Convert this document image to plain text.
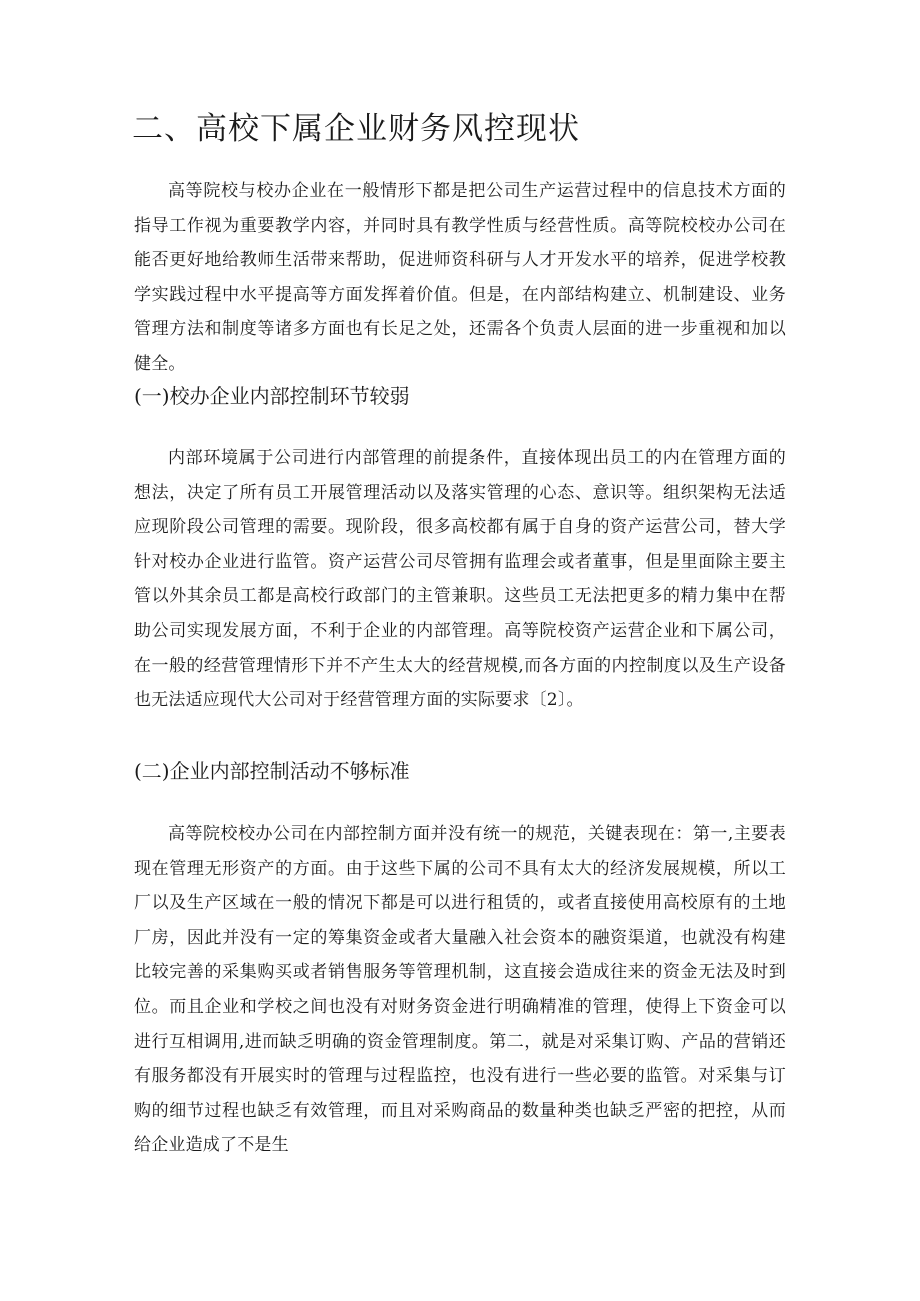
二、高校下属企业财务风控现状

高等院校与校办企业在一般情形下都是把公司生产运营过程中的信息技术方面的指导工作视为重要教学内容，并同时具有教学性质与经营性质。高等院校校办公司在能否更好地给教师生活带来帮助，促进师资科研与人才开发水平的培养，促进学校教学实践过程中水平提高等方面发挥着价值。但是，在内部结构建立、机制建设、业务管理方法和制度等诸多方面也有长足之处，还需各个负责人层面的进一步重视和加以健全。

(一)校办企业内部控制环节较弱

内部环境属于公司进行内部管理的前提条件，直接体现出员工的内在管理方面的想法，决定了所有员工开展管理活动以及落实管理的心态、意识等。组织架构无法适应现阶段公司管理的需要。现阶段，很多高校都有属于自身的资产运营公司，替大学针对校办企业进行监管。资产运营公司尽管拥有监理会或者董事，但是里面除主要主管以外其余员工都是高校行政部门的主管兼职。这些员工无法把更多的精力集中在帮助公司实现发展方面，不利于企业的内部管理。高等院校资产运营企业和下属公司，在一般的经营管理情形下并不产生太大的经营规模,而各方面的内控制度以及生产设备也无法适应现代大公司对于经营管理方面的实际要求〔2〕。

(二)企业内部控制活动不够标准

高等院校校办公司在内部控制方面并没有统一的规范，关键表现在：第一,主要表现在管理无形资产的方面。由于这些下属的公司不具有太大的经济发展规模，所以工厂以及生产区域在一般的情况下都是可以进行租赁的，或者直接使用高校原有的土地厂房，因此并没有一定的筹集资金或者大量融入社会资本的融资渠道，也就没有构建比较完善的采集购买或者销售服务等管理机制，这直接会造成往来的资金无法及时到位。而且企业和学校之间也没有对财务资金进行明确精准的管理，使得上下资金可以进行互相调用,进而缺乏明确的资金管理制度。第二，就是对采集订购、产品的营销还有服务都没有开展实时的管理与过程监控，也没有进行一些必要的监管。对采集与订购的细节过程也缺乏有效管理，而且对采购商品的数量种类也缺乏严密的把控，从而给企业造成了不是生
